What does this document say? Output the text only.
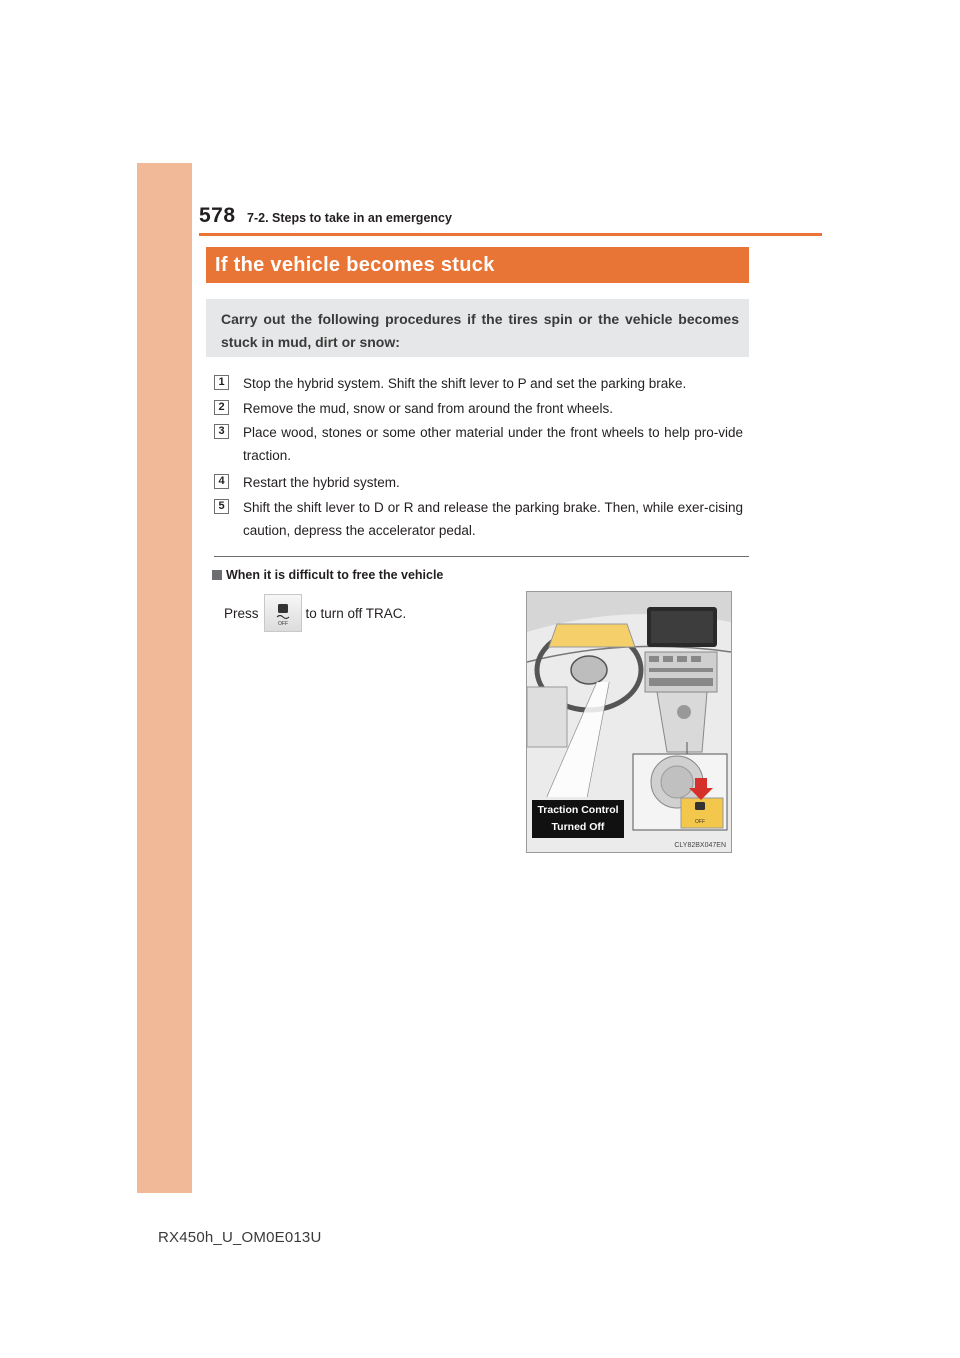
578 7-2. Steps to take in an emergency
If the vehicle becomes stuck
Carry out the following procedures if the tires spin or the vehicle becomes stuck in mud, dirt or snow:
1	Stop the hybrid system. Shift the shift lever to P and set the parking brake.
2	Remove the mud, snow or sand from around the front wheels.
3	Place wood, stones or some other material under the front wheels to help pro-vide traction.
4	Restart the hybrid system.
5	Shift the shift lever to D or R and release the parking brake. Then, while exer-cising caution, depress the accelerator pedal.
When it is difficult to free the vehicle
Press
OFF
to turn off TRAC.
OFF
Traction Control
Turned Off
CLY82BX047EN
RX450h_U_OM0E013U
